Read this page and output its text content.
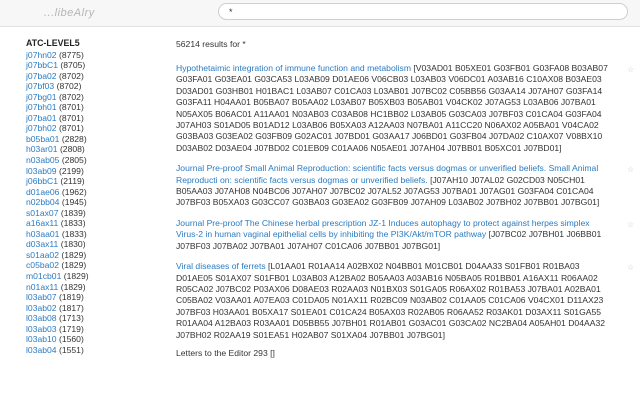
...libeAlry
*
ATC-LEVEL5
j07hn02 (8775)
j07bbC1 (8705)
j07ba02 (8702)
j07bf03 (8702)
j07bg01 (8702)
j07bh01 (8701)
j07ba01 (8701)
j07bh02 (8701)
b05ba01 (2828)
h03ar01 (2808)
n03ab05 (2805)
l03ab09 (2199)
j06bbC1 (2119)
d01ae06 (1962)
n02bb04 (1945)
s01ax07 (1839)
a16ax11 (1833)
h03aa01 (1833)
d03ax11 (1830)
s01aa02 (1829)
c05ba02 (1829)
m01cb01 (1829)
n01ax11 (1829)
l03ab07 (1819)
l03ab02 (1817)
l03ab08 (1713)
l03ab03 (1719)
l03ab10 (1560)
l03ab04 (1551)
56214 results for *
Hypothetaimic integration of immune function and metabolism [V03AD01 B05XE01 G03FB01 G03FA08 B03AB07 G03FA01 G03EA01 G03CA53 L03AB09 D01AE06 V06CB03 L03AB03 V06DC01 A03AB16 C10AX08 B03AE03 D03AD01 G03HB01 H01BAC1 L03AB07 C01CA03 L03AB01 J07BC02 C05BB56 G03AA14 J07AH07 G03FA14 G03FA11 H04AA01 B05BA07 B05AA02 L03AB07 B05XB03 B05AB01 V04CK02 J07AG53 L03AB06 J07BA01 N05AX05 B06AC01 A11AA01 N03AB03 C03AB08 HC1BB02 L03AB05 G03CA03 J07BF03 C01CA04 G03FA04 J07AH03 S01AD05 B01AD12 L03AB06 B05XA03 A12AA03 N07BA01 A11CC20 N06AX02 A05BA01 V04CA02 G03BA03 G03EA02 G03FB09 G02AC01 J07BD01 G03AA17 J06BD01 G03FB04 J07DA02 C10AX07 V08BX10 D03AB02 D03AE04 J07BD02 C01EB09 C01AA06 N05AE01 J07AH04 J07BB01 B05XC01 J07BD01]
☆
Journal Pre-proof Small Animal Reproduction: scientific facts versus dogmas or unverified beliefs. Small Animal Reproducti on: scientific facts versus dogmas or unverified beliefs. [J07AH10 J07AL02 G02CD03 N05CH01 B05AA03 J07AH08 N04BC06 J07AH07 J07BC02 J07AL52 J07AG53 J07BA01 J07AG01 G03FA04 C01CA04 J07BF03 B05XA03 G03CC07 G03BA03 G03EA02 G03FB09 J07AH09 L03AB02 J07BH02 J07BB01 J07BG01]
☆
Journal Pre-proof The Chinese herbal prescription JZ-1 Induces autophagy to protect against herpes simplex Virus-2 in human vaginal epithelial cells by inhibiting the PI3K/Akt/mTOR pathway [J07BC02 J07BH01 J06BB01 J07BF03 J07BA02 J07BA01 J07AH07 C01CA06 J07BB01 J07BG01]
☆
Viral diseases of ferrets [L01AA01 R01AA14 A02BX02 N04BB01 M01CB01 D04AA33 S01FB01 R01BA03 D01AE05 S01AX07 S01FB01 L03AB03 A12BA02 B05AA03 A03AB16 N05BA05 R01BB01 A16AX11 R06AA02 R05CA02 J07BC02 P03AX06 D08AE03 R02AA03 N01BX03 S01GA05 R06AX02 R01BA53 J07BA01 A02BA01 C05BA02 V03AA01 A07EA03 C01DA05 N01AX11 R02BC09 N03AB02 C01AA05 C01CA06 V04CX01 D11AX23 J07BF03 H03AA01 B05XA17 S01EA01 C01CA24 B05AX03 R02AB05 R06AA52 R03AK01 D03AX11 S01GA55 R01AA04 A12BA03 R03AA01 D05BB55 J07BH01 R01AB01 G03AC01 G03CA02 NC2BA04 A05AH01 D04AA32 J07BH02 R02AA19 S01EA51 H02AB07 S01XA04 J07BB01 J07BG01]
☆
Letters to the Editor 293 []
